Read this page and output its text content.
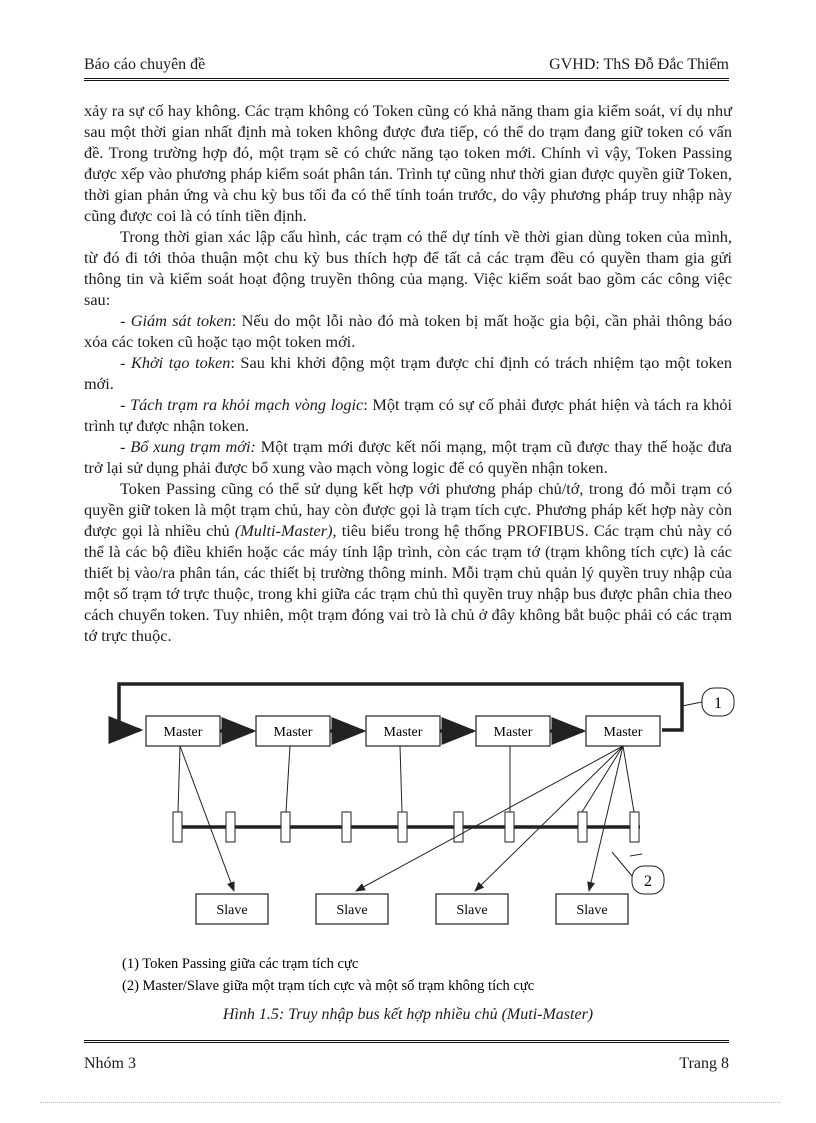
Báo cáo chuyên đề	GVHD: ThS Đỗ Đắc Thiểm

xảy ra sự cố hay không. Các trạm không có Token cũng có khả năng tham gia kiểm soát, ví dụ như sau một thời gian nhất định mà token không được đưa tiếp, có thể do trạm đang giữ token có vấn đề. Trong trường hợp đó, một trạm sẽ có chức năng tạo token mới. Chính vì vậy, Token Passing được xếp vào phương pháp kiểm soát phân tán. Trình tự cũng như thời gian được quyền giữ Token, thời gian phản ứng và chu kỳ bus tối đa có thể tính toán trước, do vậy phương pháp truy nhập này cũng được coi là có tính tiền định.

Trong thời gian xác lập cấu hình, các trạm có thể dự tính về thời gian dùng token của mình, từ đó đi tới thỏa thuận một chu kỳ bus thích hợp để tất cả các trạm đều có quyền tham gia gửi thông tin và kiểm soát hoạt động truyền thông của mạng. Việc kiểm soát bao gồm các công việc sau:

- Giám sát token: Nếu do một lỗi nào đó mà token bị mất hoặc gia bội, cần phải thông báo xóa các token cũ hoặc tạo một token mới.

- Khởi tạo token: Sau khi khởi động một trạm được chỉ định có trách nhiệm tạo một token mới.

- Tách trạm ra khỏi mạch vòng logic: Một trạm có sự cố phải được phát hiện và tách ra khỏi trình tự được nhận token.

- Bổ xung trạm mới: Một trạm mới được kết nối mạng, một trạm cũ được thay thế hoặc đưa trở lại sử dụng phải được bổ xung vào mạch vòng logic để có quyền nhận token.

Token Passing cũng có thể sử dụng kết hợp với phương pháp chủ/tớ, trong đó mỗi trạm có quyền giữ token là một trạm chủ, hay còn được gọi là trạm tích cực. Phương pháp kết hợp này còn được gọi là nhiều chủ (Multi-Master), tiêu biểu trong hệ thống PROFIBUS. Các trạm chủ này có thể là các bộ điều khiển hoặc các máy tính lập trình, còn các trạm tớ (trạm không tích cực) là các thiết bị vào/ra phân tán, các thiết bị trường thông minh. Mỗi trạm chủ quản lý quyền truy nhập của một số trạm tớ trực thuộc, trong khi giữa các trạm chủ thì quyền truy nhập bus được phân chia theo cách chuyển token. Tuy nhiên, một trạm đóng vai trò là chủ ở đây không bắt buộc phải có các trạm tớ trực thuộc.

Master	Master	Master	Master	Master
1
Slave	Slave	Slave	Slave
2
(1) Token Passing giữa các trạm tích cực
(2) Master/Slave giữa một trạm tích cực và một số trạm không tích cực
Hình 1.5: Truy nhập bus kết hợp nhiều chủ (Muti-Master)
Nhóm 3	Trang 8
